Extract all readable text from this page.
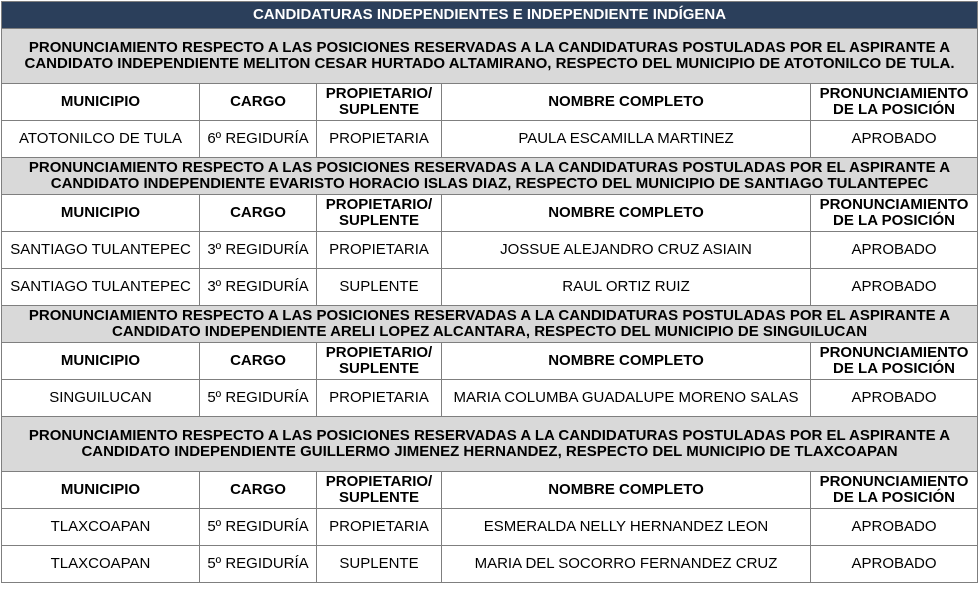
CANDIDATURAS INDEPENDIENTES E INDEPENDIENTE INDÍGENA				
PRONUNCIAMIENTO RESPECTO A LAS POSICIONES RESERVADAS A LA CANDIDATURAS POSTULADAS POR EL ASPIRANTE A CANDIDATO INDEPENDIENTE MELITON CESAR HURTADO ALTAMIRANO, RESPECTO DEL MUNICIPIO DE ATOTONILCO DE TULA.				
MUNICIPIO	CARGO	PROPIETARIO/ SUPLENTE	NOMBRE COMPLETO	PRONUNCIAMIENTO DE LA POSICIÓN
ATOTONILCO DE TULA	6º REGIDURÍA	PROPIETARIA	PAULA ESCAMILLA MARTINEZ	APROBADO
PRONUNCIAMIENTO RESPECTO A LAS POSICIONES RESERVADAS A LA CANDIDATURAS POSTULADAS POR EL ASPIRANTE A CANDIDATO INDEPENDIENTE EVARISTO HORACIO ISLAS DIAZ, RESPECTO DEL MUNICIPIO DE SANTIAGO TULANTEPEC				
MUNICIPIO	CARGO	PROPIETARIO/ SUPLENTE	NOMBRE COMPLETO	PRONUNCIAMIENTO DE LA POSICIÓN
SANTIAGO TULANTEPEC	3º REGIDURÍA	PROPIETARIA	JOSSUE ALEJANDRO CRUZ ASIAIN	APROBADO
SANTIAGO TULANTEPEC	3º REGIDURÍA	SUPLENTE	RAUL ORTIZ RUIZ	APROBADO
PRONUNCIAMIENTO RESPECTO A LAS POSICIONES RESERVADAS A LA CANDIDATURAS POSTULADAS POR EL ASPIRANTE A CANDIDATO INDEPENDIENTE ARELI LOPEZ ALCANTARA, RESPECTO DEL MUNICIPIO DE SINGUILUCAN				
MUNICIPIO	CARGO	PROPIETARIO/ SUPLENTE	NOMBRE COMPLETO	PRONUNCIAMIENTO DE LA POSICIÓN
SINGUILUCAN	5º REGIDURÍA	PROPIETARIA	MARIA COLUMBA GUADALUPE MORENO SALAS	APROBADO
PRONUNCIAMIENTO RESPECTO A LAS POSICIONES RESERVADAS A LA CANDIDATURAS POSTULADAS POR EL ASPIRANTE A CANDIDATO INDEPENDIENTE GUILLERMO JIMENEZ HERNANDEZ, RESPECTO DEL MUNICIPIO DE TLAXCOAPAN				
MUNICIPIO	CARGO	PROPIETARIO/ SUPLENTE	NOMBRE COMPLETO	PRONUNCIAMIENTO DE LA POSICIÓN
TLAXCOAPAN	5º REGIDURÍA	PROPIETARIA	ESMERALDA NELLY HERNANDEZ LEON	APROBADO
TLAXCOAPAN	5º REGIDURÍA	SUPLENTE	MARIA DEL SOCORRO FERNANDEZ CRUZ	APROBADO
